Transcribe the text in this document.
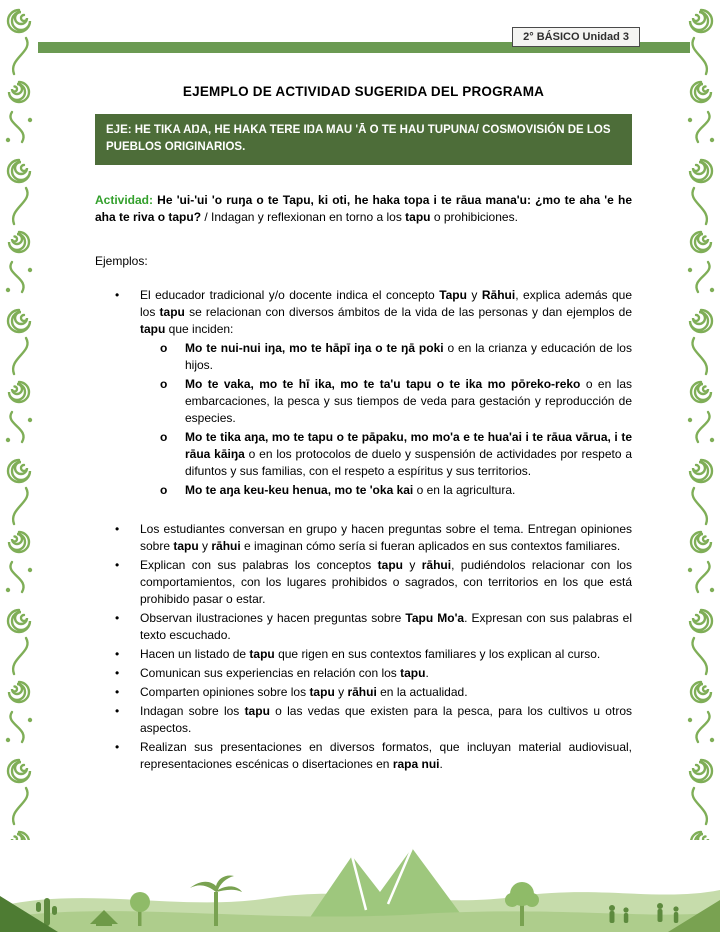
2° BÁSICO Unidad 3
EJEMPLO DE ACTIVIDAD SUGERIDA DEL PROGRAMA
EJE: HE TIKA AŊA, HE HAKA TERE IŊA MAU 'Ā O TE HAU TUPUNA/ COSMOVISIÓN DE LOS PUEBLOS ORIGINARIOS.

Actividad: He 'ui-'ui 'o ruŋa o te Tapu, ki oti, he haka topa i te rāua mana'u: ¿mo te aha 'e he aha te riva o tapu? / Indagan y reflexionan en torno a los tapu o prohibiciones.

Ejemplos:

•	El educador tradicional y/o docente indica el concepto Tapu y Rāhui, explica además que los tapu se relacionan con diversos ámbitos de la vida de las personas y dan ejemplos de tapu que inciden:
o	Mo te nui-nui iŋa, mo te hāpī iŋa o te ŋā poki o en la crianza y educación de los hijos.
o	Mo te vaka, mo te hī ika, mo te ta'u tapu o te ika mo pōreko-reko o en las embarcaciones, la pesca y sus tiempos de veda para gestación y reproducción de especies.
o	Mo te tika aŋa, mo te tapu o te pāpaku, mo mo'a e te hua'ai i te rāua vārua, i te rāua kāiŋa o en los protocolos de duelo y suspensión de actividades por respeto a difuntos y sus familias, con el respeto a espíritus y sus territorios.
o	Mo te aŋa keu-keu henua, mo te 'oka kai o en la agricultura.
•	Los estudiantes conversan en grupo y hacen preguntas sobre el tema. Entregan opiniones sobre tapu y rāhui e imaginan cómo sería si fueran aplicados en sus contextos familiares.
•	Explican con sus palabras los conceptos tapu y rāhui, pudiéndolos relacionar con los comportamientos, con los lugares prohibidos o sagrados, con territorios en los que está prohibido pasar o estar.
•	Observan ilustraciones y hacen preguntas sobre Tapu Mo'a. Expresan con sus palabras el texto escuchado.
•	Hacen un listado de tapu que rigen en sus contextos familiares y los explican al curso.
•	Comunican sus experiencias en relación con los tapu.
•	Comparten opiniones sobre los tapu y rāhui en la actualidad.
•	Indagan sobre los tapu o las vedas que existen para la pesca, para los cultivos u otros aspectos.
•	Realizan sus presentaciones en diversos formatos, que incluyan material audiovisual, representaciones escénicas o disertaciones en rapa nui.
